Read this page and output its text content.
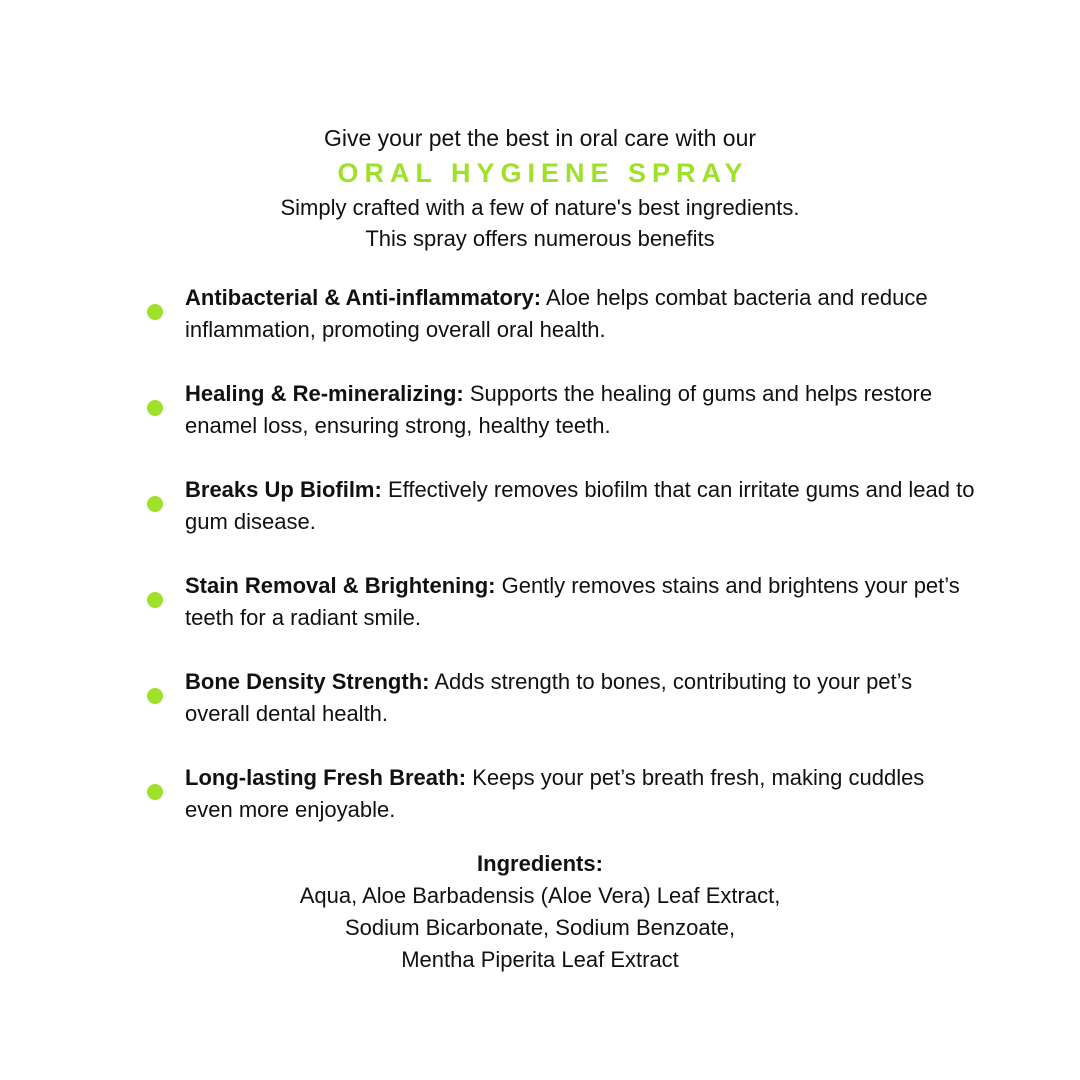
Give your pet the best in oral care with our

ORAL HYGIENE SPRAY

Simply crafted with a few of nature's best ingredients.

This spray offers numerous benefits

Antibacterial & Anti-inflammatory: Aloe helps combat bacteria and reduce inflammation, promoting overall oral health.

Healing & Re-mineralizing: Supports the healing of gums and helps restore enamel loss, ensuring strong, healthy teeth.

Breaks Up Biofilm: Effectively removes biofilm that can irritate gums and lead to gum disease.

Stain Removal & Brightening: Gently removes stains and brightens your pet’s teeth for a radiant smile.

Bone Density Strength: Adds strength to bones, contributing to your pet’s overall dental health.

Long-lasting Fresh Breath: Keeps your pet’s breath fresh, making cuddles even more enjoyable.

Ingredients:

Aqua, Aloe Barbadensis (Aloe Vera) Leaf Extract,

Sodium Bicarbonate, Sodium Benzoate,

Mentha Piperita Leaf Extract
